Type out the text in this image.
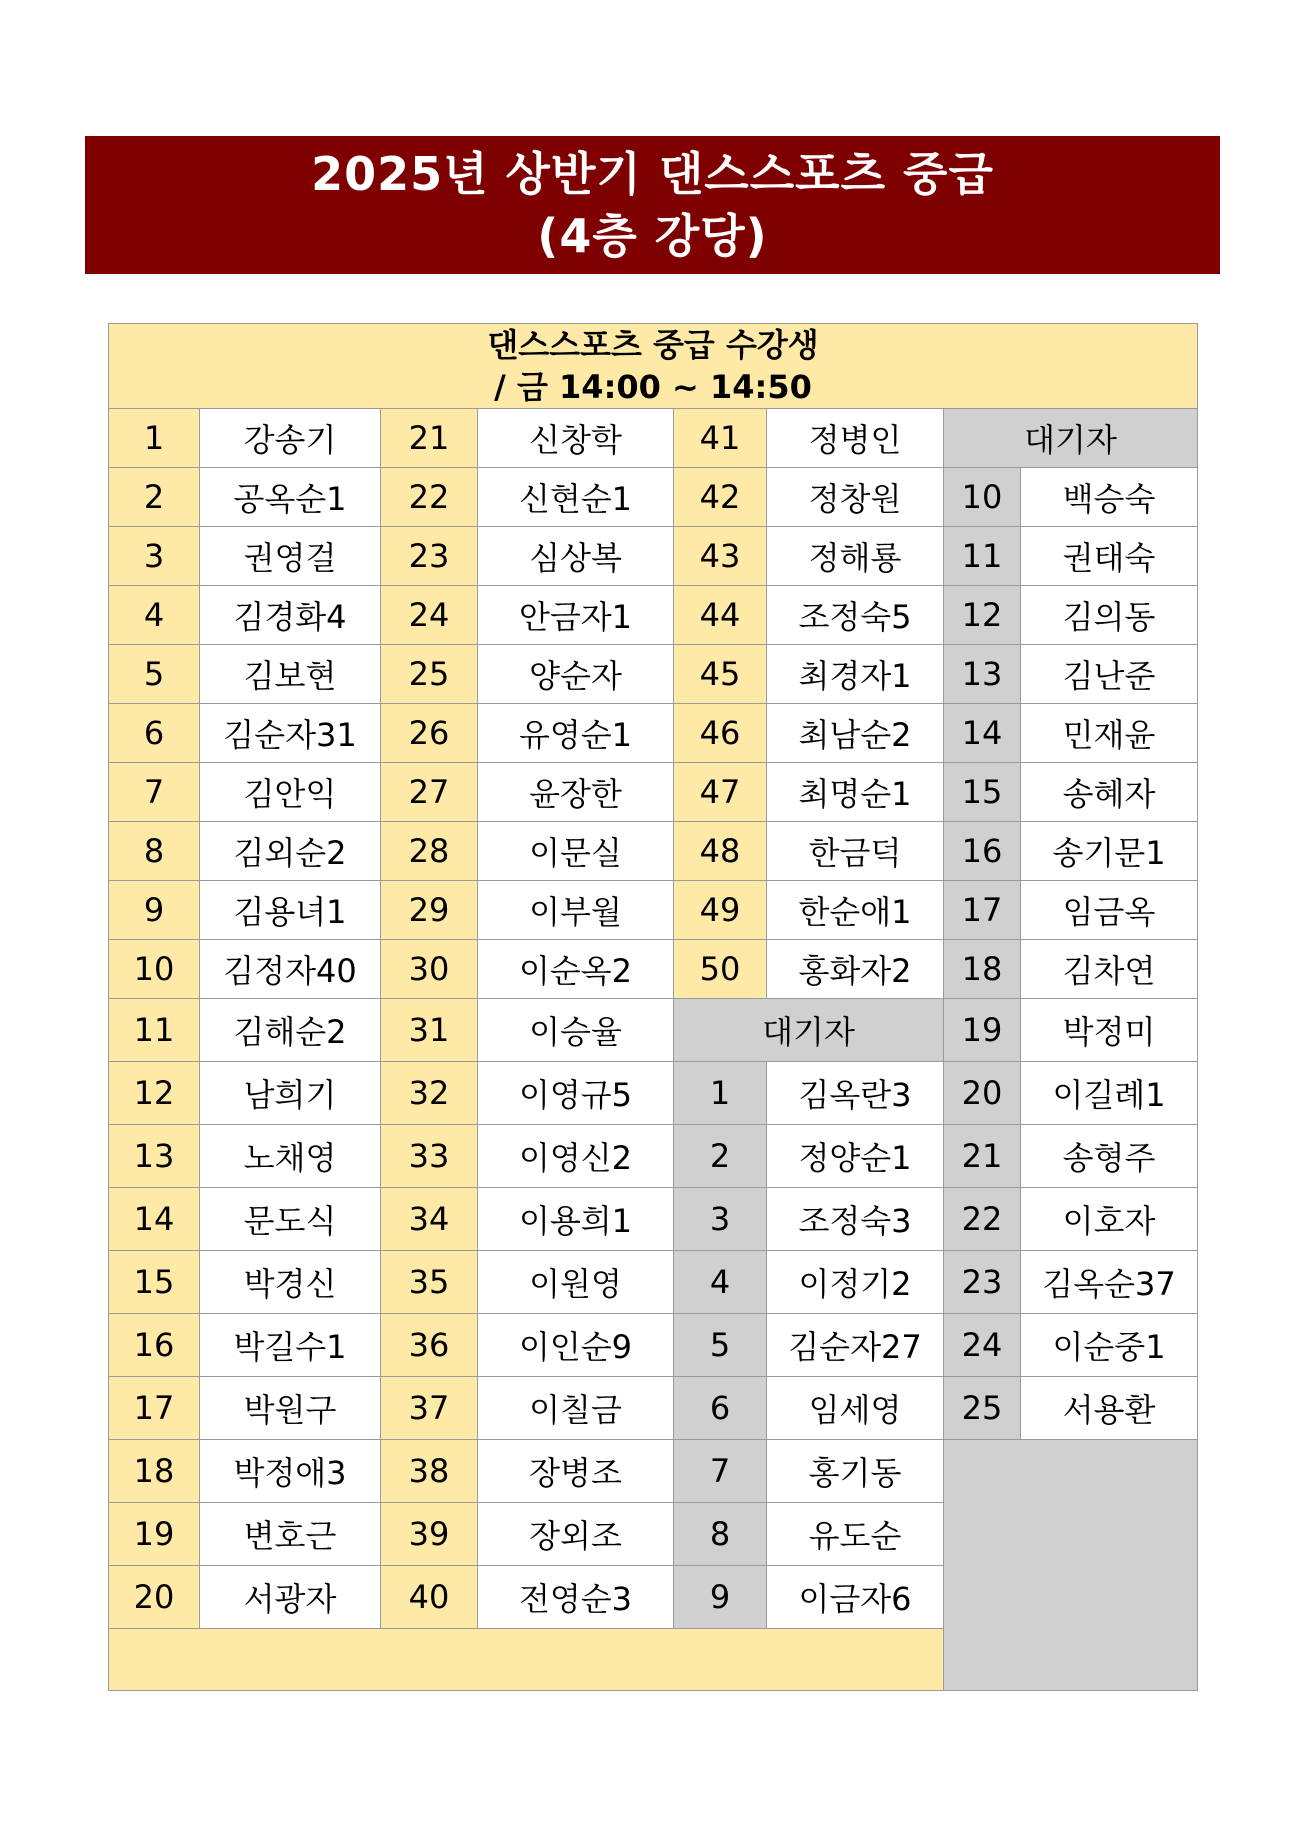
2025년 상반기 댄스스포츠 중급
(4층 강당)
댄스스포츠 중급 수강생
/ 금 14:00 ~ 14:50							

1	강송기	21	신창학	41	정병인	대기자	
2	공옥순1	22	신현순1	42	정창원	10	백승숙
3	권영걸	23	심상복	43	정해룡	11	권태숙
4	김경화4	24	안금자1	44	조정숙5	12	김의동
5	김보현	25	양순자	45	최경자1	13	김난준
6	김순자31	26	유영순1	46	최남순2	14	민재윤
7	김안익	27	윤장한	47	최명순1	15	송혜자
8	김외순2	28	이문실	48	한금덕	16	송기문1
9	김용녀1	29	이부월	49	한순애1	17	임금옥
10	김정자40	30	이순옥2	50	홍화자2	18	김차연
11	김해순2	31	이승율	대기자		19	박정미
12	남희기	32	이영규5	1	김옥란3	20	이길례1
13	노채영	33	이영신2	2	정양순1	21	송형주
14	문도식	34	이용희1	3	조정숙3	22	이호자
15	박경신	35	이원영	4	이정기2	23	김옥순37
16	박길수1	36	이인순9	5	김순자27	24	이순중1
17	박원구	37	이칠금	6	임세영	25	서용환
18	박정애3	38	장병조	7	홍기동		
19	변호근	39	장외조	8	유도순		
20	서광자	40	전영순3	9	이금자6		
